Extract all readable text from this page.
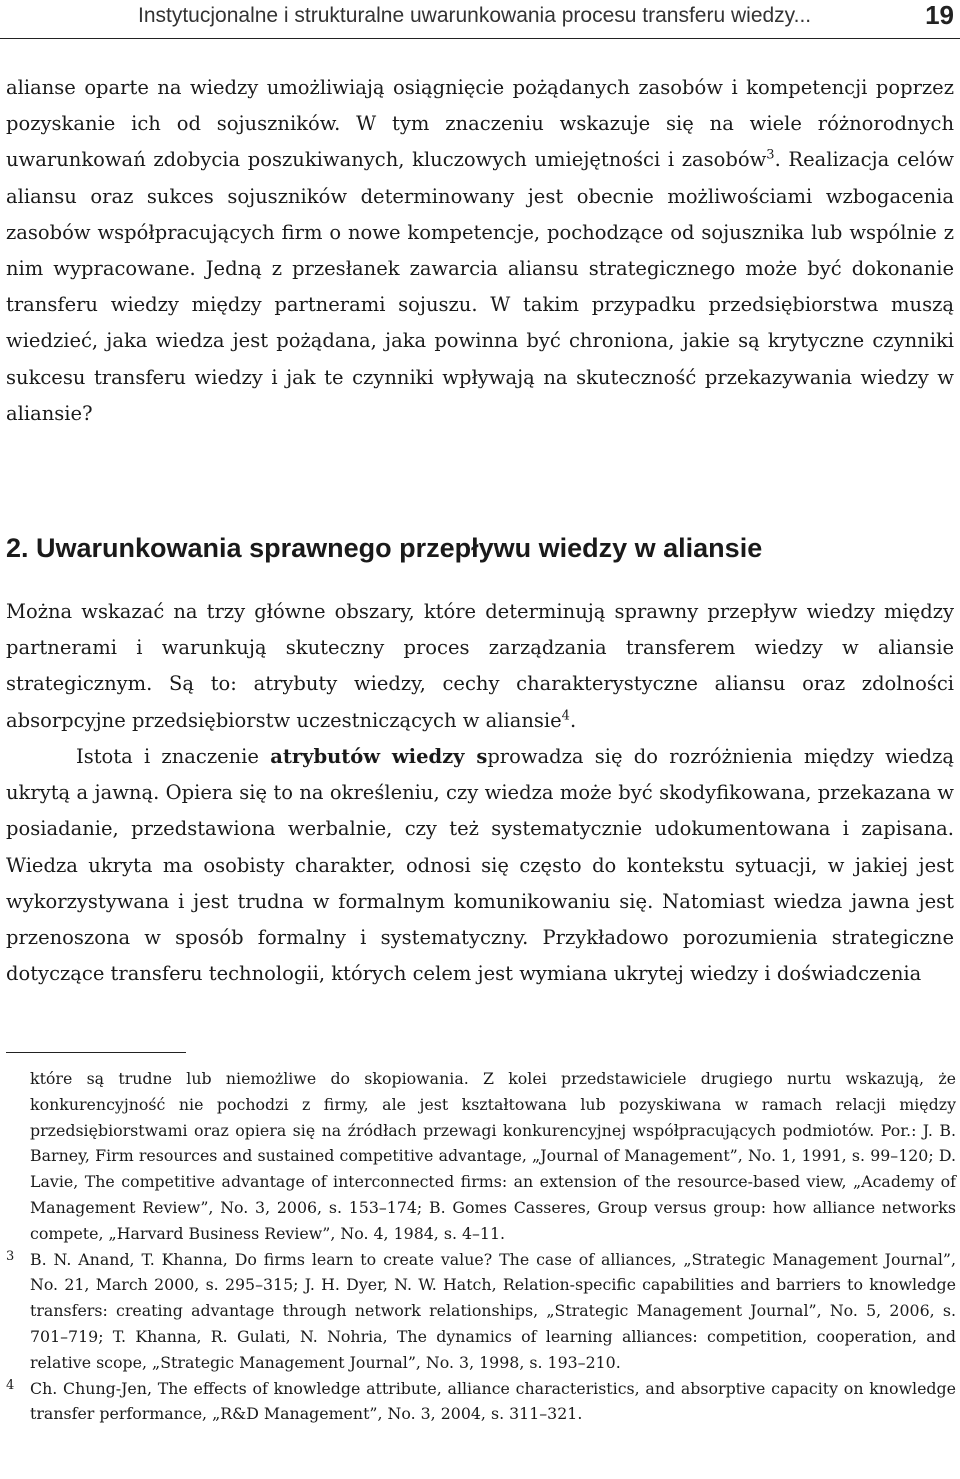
Instytucjonalne i strukturalne uwarunkowania procesu transferu wiedzy...	19

alianse oparte na wiedzy umożliwiają osiągnięcie pożądanych zasobów i kompetencji poprzez pozyskanie ich od sojuszników. W tym znaczeniu wskazuje się na wiele różnorodnych uwarunkowań zdobycia poszukiwanych, kluczowych umiejętności i zasobów$^3$. Realizacja celów aliansu oraz sukces sojuszników determinowany jest obecnie możliwościami wzbogacenia zasobów współpracujących firm o nowe kompetencje, pochodzące od sojusznika lub wspólnie z nim wypracowane. Jedną z przesłanek zawarcia aliansu strategicznego może być dokonanie transferu wiedzy między partnerami sojuszu. W takim przypadku przedsiębiorstwa muszą wiedzieć, jaka wiedza jest pożądana, jaka powinna być chroniona, jakie są krytyczne czynniki sukcesu transferu wiedzy i jak te czynniki wpływają na skuteczność przekazywania wiedzy w aliansie?

2. Uwarunkowania sprawnego przepływu wiedzy w aliansie

Można wskazać na trzy główne obszary, które determinują sprawny przepływ wiedzy między partnerami i warunkują skuteczny proces zarządzania transferem wiedzy w aliansie strategicznym. Są to: atrybuty wiedzy, cechy charakterystyczne aliansu oraz zdolności absorpcyjne przedsiębiorstw uczestniczących w aliansie$^4$.

Istota i znaczenie atrybutów wiedzy sprowadza się do rozróżnienia między wiedzą ukrytą a jawną. Opiera się to na określeniu, czy wiedza może być skodyfikowana, przekazana w posiadanie, przedstawiona werbalnie, czy też systematycznie udokumentowana i zapisana. Wiedza ukryta ma osobisty charakter, odnosi się często do kontekstu sytuacji, w jakiej jest wykorzystywana i jest trudna w formalnym komunikowaniu się. Natomiast wiedza jawna jest przenoszona w sposób formalny i systematyczny. Przykładowo porozumienia strategiczne dotyczące transferu technologii, których celem jest wymiana ukrytej wiedzy i doświadczenia

które są trudne lub niemożliwe do skopiowania. Z kolei przedstawiciele drugiego nurtu wskazują, że konkurencyjność nie pochodzi z firmy, ale jest kształtowana lub pozyskiwana w ramach relacji między przedsiębiorstwami oraz opiera się na źródłach przewagi konkurencyjnej współpracujących podmiotów. Por.: J. B. Barney, Firm resources and sustained competitive advantage, „Journal of Management”, No. 1, 1991, s. 99–120; D. Lavie, The competitive advantage of interconnected firms: an extension of the resource-based view, „Academy of Management Review”, No. 3, 2006, s. 153–174; B. Gomes Casseres, Group versus group: how alliance networks compete, „Harvard Business Review”, No. 4, 1984, s. 4–11.

3 B. N. Anand, T. Khanna, Do firms learn to create value? The case of alliances, „Strategic Management Journal”, No. 21, March 2000, s. 295–315; J. H. Dyer, N. W. Hatch, Relation-specific capabilities and barriers to knowledge transfers: creating advantage through network relationships, „Strategic Management Journal”, No. 5, 2006, s. 701–719; T. Khanna, R. Gulati, N. Nohria, The dynamics of learning alliances: competition, cooperation, and relative scope, „Strategic Management Journal”, No. 3, 1998, s. 193–210.

4 Ch. Chung-Jen, The effects of knowledge attribute, alliance characteristics, and absorptive capacity on knowledge transfer performance, „R&D Management”, No. 3, 2004, s. 311–321.
